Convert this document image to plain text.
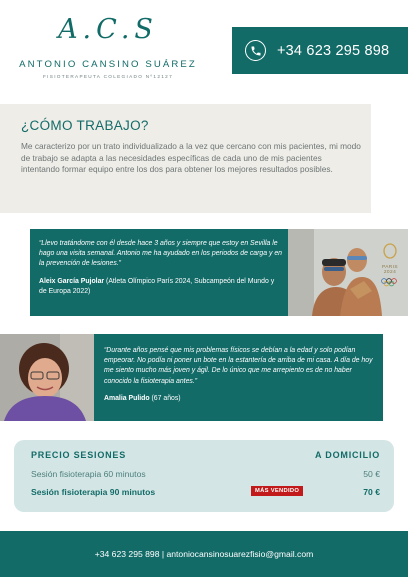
A.C.S
ANTONIO CANSINO SUÁREZ
FISIOTERAPEUTA COLEGIADO Nº12127
+34 623 295 898
¿CÓMO TRABAJO?
Me caracterizo por un trato individualizado a la vez que cercano con mis pacientes, mi modo de trabajo se adapta a las necesidades específicas de cada uno de mis pacientes intentando formar equipo entre los dos para obtener los mejores resultados posibles.
“Llevo tratándome con él desde hace 3 años y siempre que estoy en Sevilla le hago una visita semanal. Antonio me ha ayudado en los periodos de carga y en la prevención de lesiones.”
Aleix García Pujolar (Atleta Olímpico París 2024, Subcampeón del Mundo y de Europa 2022)
PARIS 2024
“Durante años pensé que mis problemas físicos se debían a la edad y solo podían empeorar. No podía ni poner un bote en la estantería de arriba de mi casa. A día de hoy me siento mucho más joven y ágil. De lo único que me arrepiento es de no haber conocido la fisioterapia antes.”
Amalia Pulido (67 años)
PRECIO SESIONES	A DOMICILIO
Sesión fisioterapia 60 minutos	50 €
Sesión fisioterapia 90 minutos	MÁS VENDIDO	70 €
+34 623 295 898 | antoniocansinosuarezfisio@gmail.com
